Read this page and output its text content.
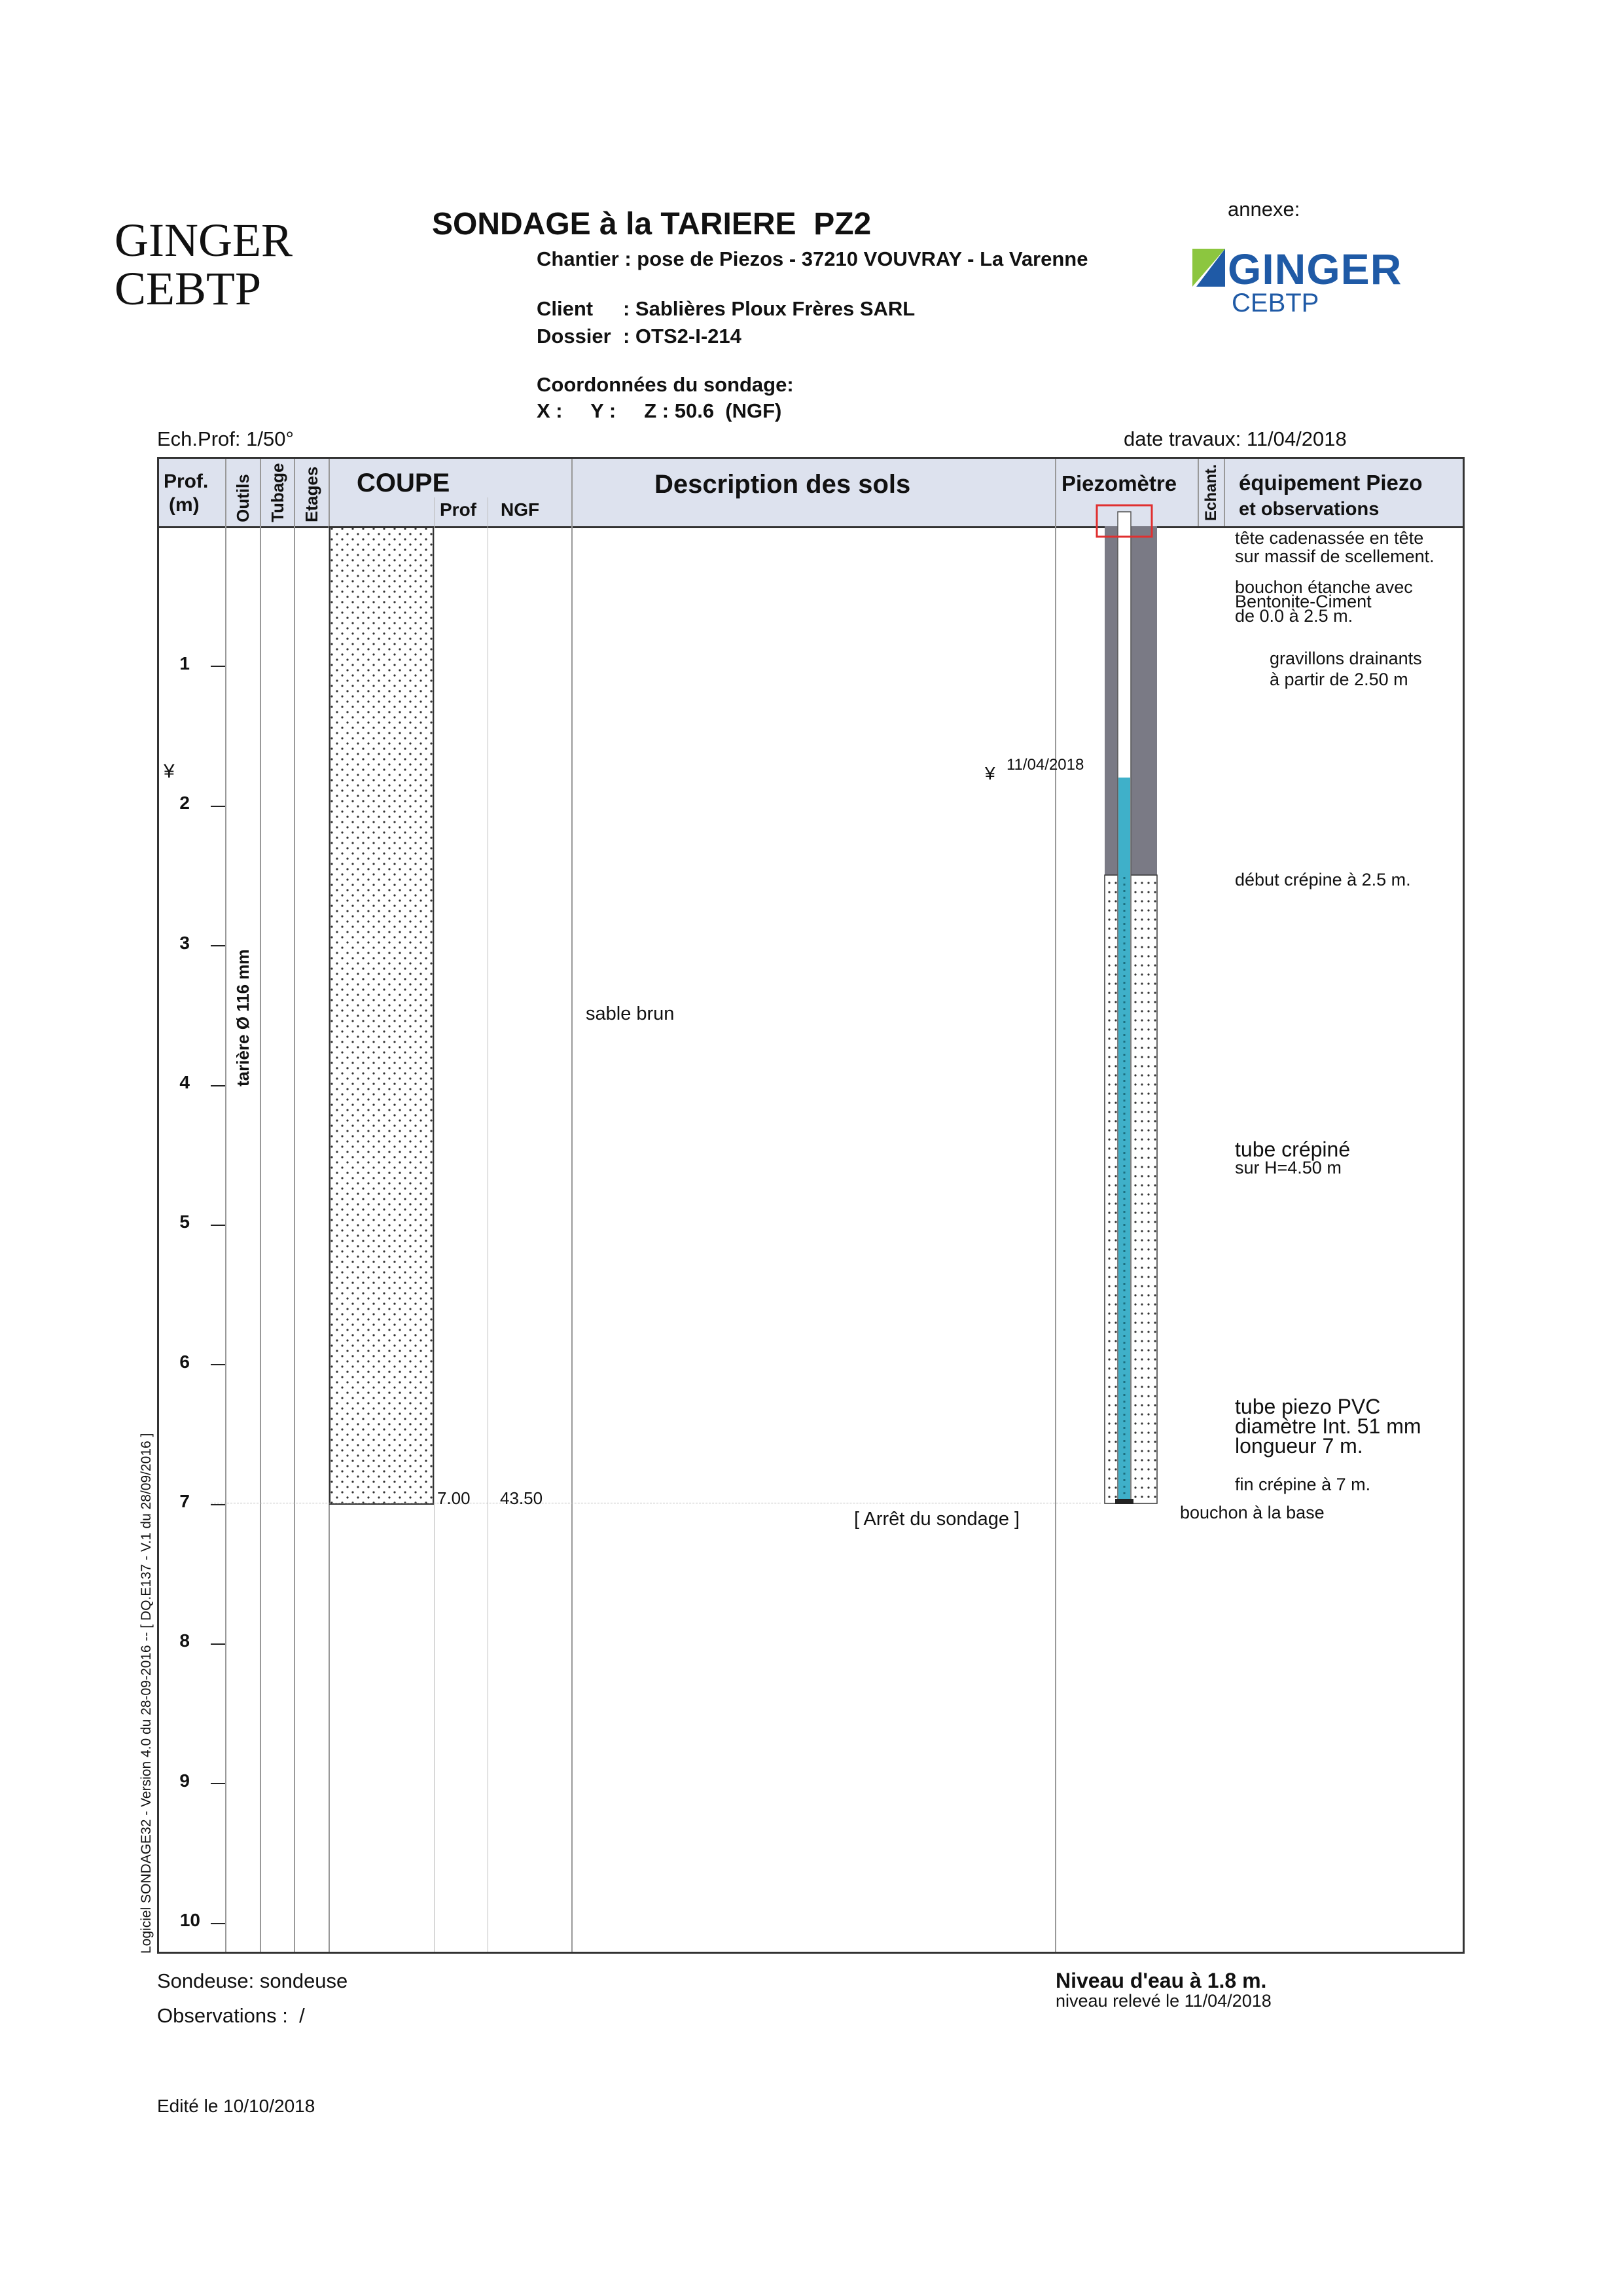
GINGER
CEBTP
SONDAGE à la TARIERE  PZ2
Chantier : pose de Piezos - 37210 VOUVRAY - La Varenne
Client : Sablières Ploux Frères SARL
Dossier : OTS2-I-214
Coordonnées du sondage:
X :     Y :     Z : 50.6  (NGF)
annexe:
GINGER
CEBTP
Ech.Prof: 1/50°	date travaux: 11/04/2018
Prof.
(m)	Outils Tubage Etages COUPE
Prof NGF
Description des sols	Piezomètre Echant. équipement Piezo
et observations
1
2
3
4
5
6
7
8
9
10
¥
tarière Ø 116 mm
7.00 43.50
sable brun
[ Arrêt du sondage ]
¥ 11/04/2018
tête cadenassée en tête
sur massif de scellement.
bouchon étanche avec
Bentonite-Ciment
de 0.0 à 2.5 m.
gravillons drainants
à partir de 2.50 m
début crépine à 2.5 m.
tube crépiné
sur H=4.50 m
tube piezo PVC
diamètre Int. 51 mm
longueur 7 m.
fin crépine à 7 m.
bouchon à la base
Logiciel SONDAGE32 - Version 4.0 du 28-09-2016 -- [ DQ.E137 - V.1 du 28/09/2016 ]
Sondeuse: sondeuse
Observations :  /
Edité le 10/10/2018
Niveau d'eau à 1.8 m.
niveau relevé le 11/04/2018
